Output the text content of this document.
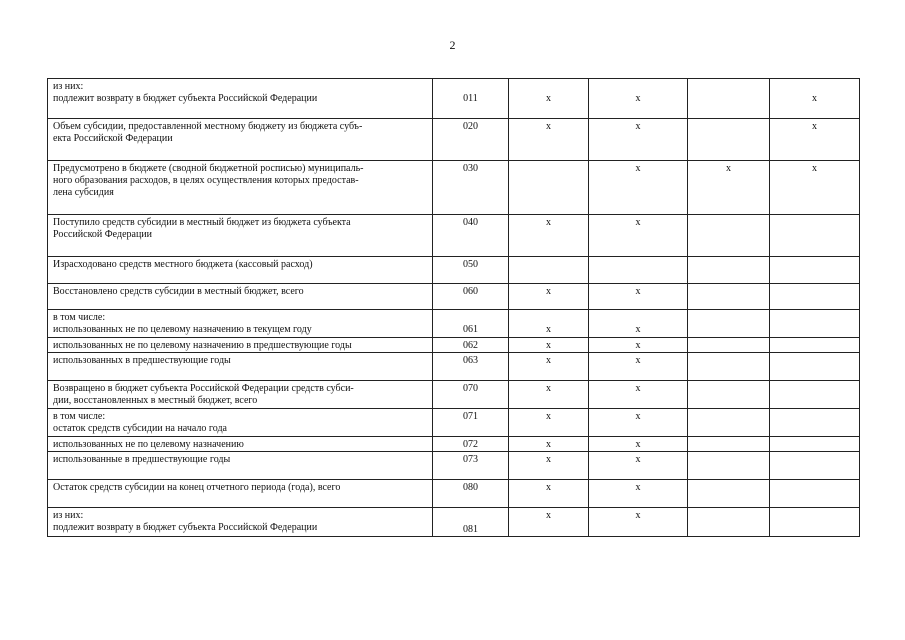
2
из них:
подлежит возврату в бюджет субъекта Российской Федерации	011	x	x		x

Объем субсидии, предоставленной местному бюджету из бюджета субъ-
екта Российской Федерации	020	x	x		x

Предусмотрено в бюджете (сводной бюджетной росписью) муниципаль-
ного образования расходов, в целях осуществления которых предостав-
лена субсидия	030		x	x	x

Поступило средств субсидии в местный бюджет из бюджета субъекта
Российской Федерации	040	x	x		

Израсходовано средств местного бюджета (кассовый расход)	050				

Восстановлено средств субсидии в местный бюджет, всего	060	x	x		

в том числе:
использованных не по целевому назначению в текущем году	061	x	x		

использованных не по целевому назначению в предшествующие годы	062	x	x		

использованных в предшествующие годы	063	x	x		

Возвращено в бюджет субъекта Российской Федерации средств субси-
дии, восстановленных в местный бюджет, всего	070	x	x		

в том числе:
остаток средств субсидии на начало года	071	x	x		

использованных не по целевому назначению	072	x	x		

использованные в предшествующие годы	073	x	x		

Остаток средств субсидии на конец отчетного периода (года), всего	080	x	x		

из них:
подлежит возврату в бюджет субъекта Российской Федерации	081	x	x		
